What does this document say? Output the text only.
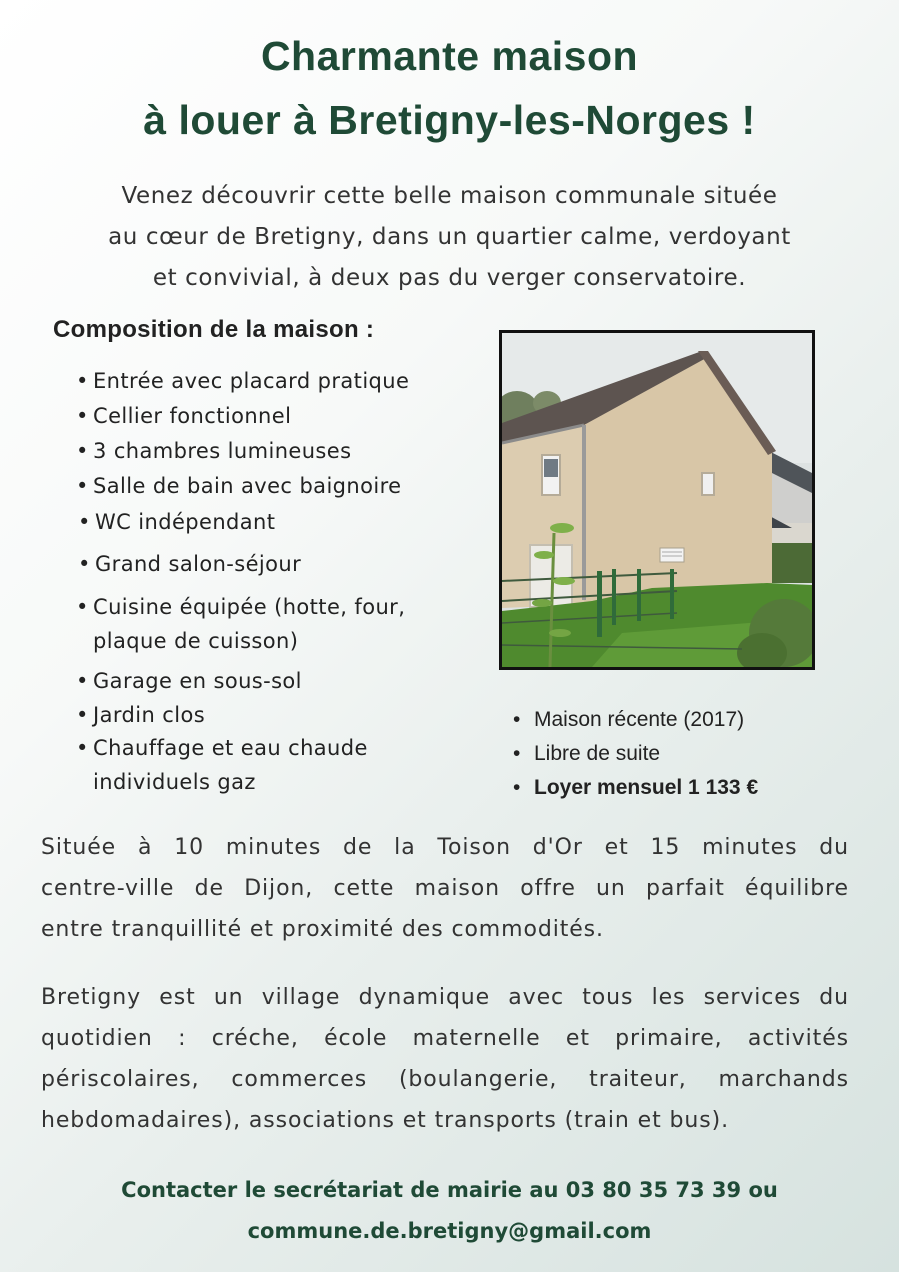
Charmante maison
à louer à Bretigny-les-Norges !

Venez découvrir cette belle maison communale située
au cœur de Bretigny, dans un quartier calme, verdoyant
et convivial, à deux pas du verger conservatoire.

Composition de la maison :
• Entrée avec placard pratique
• Cellier fonctionnel
• 3 chambres lumineuses
• Salle de bain avec baignoire
• WC indépendant
• Grand salon-séjour
• Cuisine équipée (hotte, four,
plaque de cuisson)
• Garage en sous-sol
• Jardin clos
• Chauffage et eau chaude
individuels gaz
• Maison récente (2017)
• Libre de suite
• Loyer mensuel 1 133 €

Située à 10 minutes de la Toison d'Or et 15 minutes du
centre-ville de Dijon, cette maison offre un parfait équilibre
entre tranquillité et proximité des commodités.

Bretigny est un village dynamique avec tous les services du
quotidien : créche, école maternelle et primaire, activités
périscolaires, commerces (boulangerie, traiteur, marchands
hebdomadaires), associations et transports (train et bus).

Contacter le secrétariat de mairie au 03 80 35 73 39 ou
commune.de.bretigny@gmail.com
